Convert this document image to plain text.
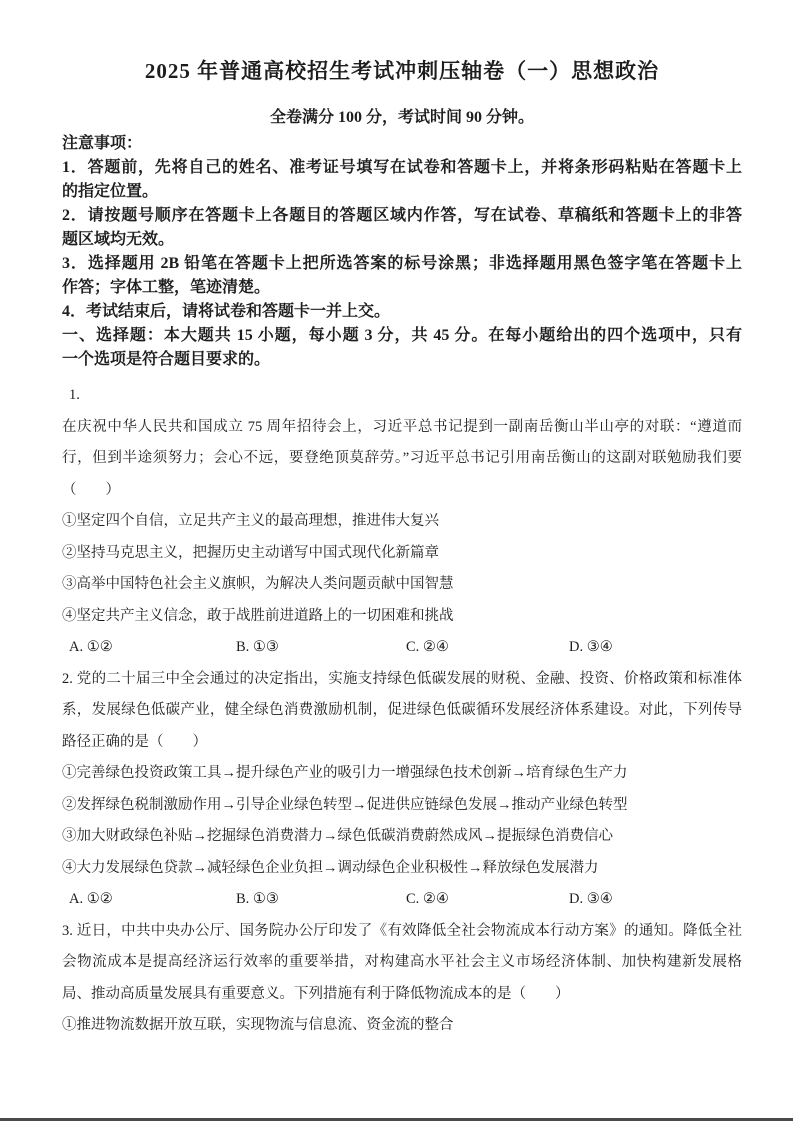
2025 年普通高校招生考试冲刺压轴卷（一）思想政治
全卷满分 100 分，考试时间 90 分钟。
注意事项：
1．答题前，先将自己的姓名、准考证号填写在试卷和答题卡上，并将条形码粘贴在答题卡上
的指定位置。
2．请按题号顺序在答题卡上各题目的答题区域内作答，写在试卷、草稿纸和答题卡上的非答
题区域均无效。
3．选择题用 2B 铅笔在答题卡上把所选答案的标号涂黑；非选择题用黑色签字笔在答题卡上
作答；字体工整，笔迹清楚。
4．考试结束后，请将试卷和答题卡一并上交。
一、选择题：本大题共 15 小题，每小题 3 分，共 45 分。在每小题给出的四个选项中，只有
一个选项是符合题目要求的。
1.
在庆祝中华人民共和国成立 75 周年招待会上，习近平总书记提到一副南岳衡山半山亭的对联：“遵道而
行，但到半途须努力；会心不远，要登绝顶莫辞劳。”习近平总书记引用南岳衡山的这副对联勉励我们要
（　　）
①坚定四个自信，立足共产主义的最高理想，推进伟大复兴
②坚持马克思主义，把握历史主动谱写中国式现代化新篇章
③高举中国特色社会主义旗帜，为解决人类问题贡献中国智慧
④坚定共产主义信念，敢于战胜前进道路上的一切困难和挑战
A. ①②	B. ①③	C. ②④	D. ③④
2. 党的二十届三中全会通过的决定指出，实施支持绿色低碳发展的财税、金融、投资、价格政策和标准体
系，发展绿色低碳产业，健全绿色消费激励机制，促进绿色低碳循环发展经济体系建设。对此，下列传导
路径正确的是（　　）
①完善绿色投资政策工具→提升绿色产业的吸引力一增强绿色技术创新→培育绿色生产力
②发挥绿色税制激励作用→引导企业绿色转型→促进供应链绿色发展→推动产业绿色转型
③加大财政绿色补贴→挖掘绿色消费潜力→绿色低碳消费蔚然成风→提振绿色消费信心
④大力发展绿色贷款→减轻绿色企业负担→调动绿色企业积极性→释放绿色发展潜力
A. ①②	B. ①③	C. ②④	D. ③④
3. 近日，中共中央办公厅、国务院办公厅印发了《有效降低全社会物流成本行动方案》的通知。降低全社
会物流成本是提高经济运行效率的重要举措，对构建高水平社会主义市场经济体制、加快构建新发展格
局、推动高质量发展具有重要意义。下列措施有利于降低物流成本的是（　　）
①推进物流数据开放互联，实现物流与信息流、资金流的整合
